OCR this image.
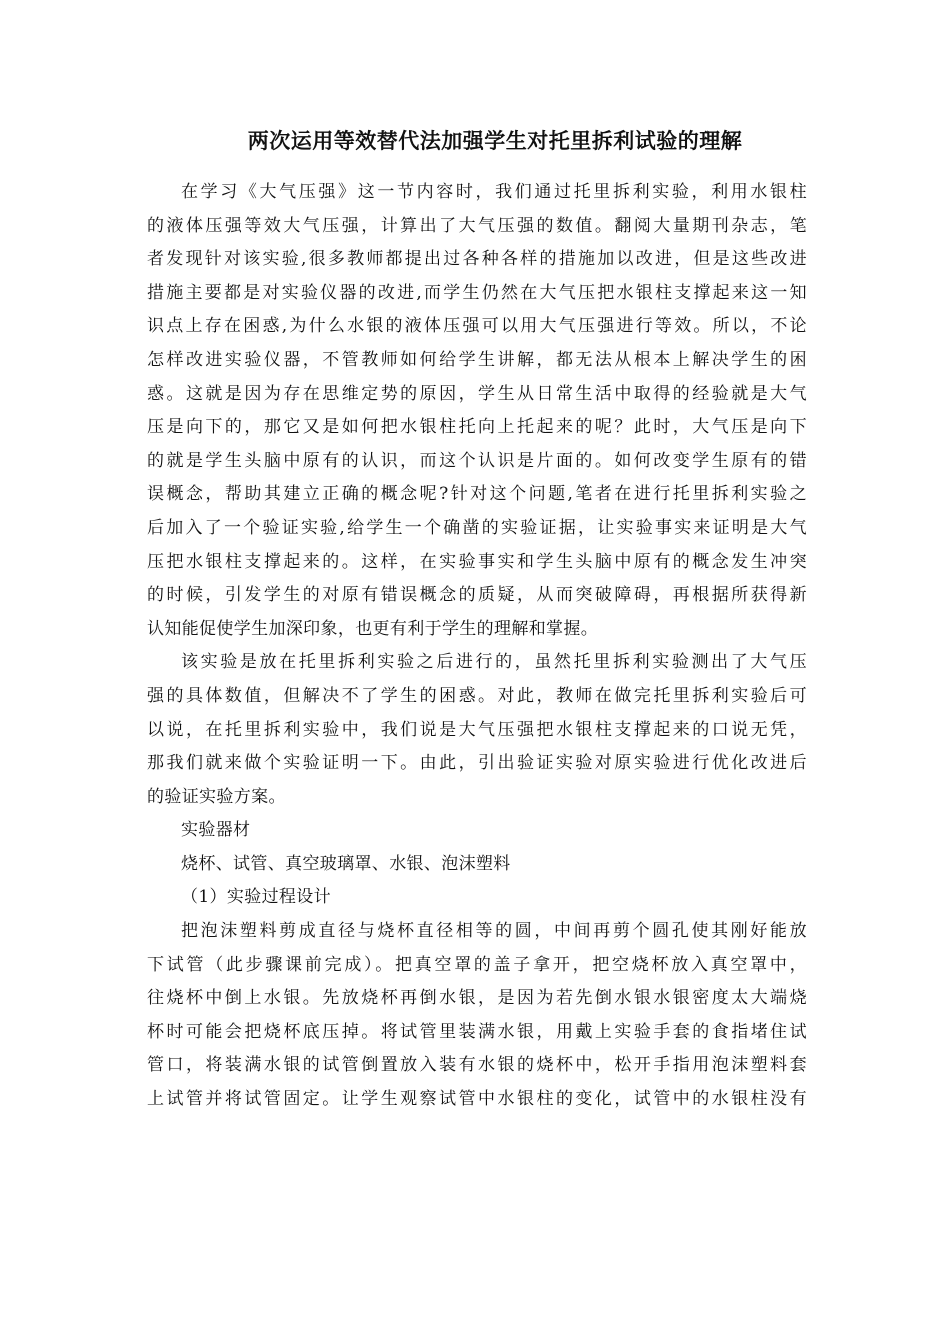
两次运用等效替代法加强学生对托里拆利试验的理解
在学习《大气压强》这一节内容时，我们通过托里拆利实验，利用水银柱
的液体压强等效大气压强，计算出了大气压强的数值。翻阅大量期刊杂志，笔
者发现针对该实验,很多教师都提出过各种各样的措施加以改进，但是这些改进
措施主要都是对实验仪器的改进,而学生仍然在大气压把水银柱支撑起来这一知
识点上存在困惑,为什么水银的液体压强可以用大气压强进行等效。所以，不论
怎样改进实验仪器，不管教师如何给学生讲解，都无法从根本上解决学生的困
惑。这就是因为存在思维定势的原因，学生从日常生活中取得的经验就是大气
压是向下的，那它又是如何把水银柱托向上托起来的呢？此时，大气压是向下
的就是学生头脑中原有的认识，而这个认识是片面的。如何改变学生原有的错
误概念，帮助其建立正确的概念呢?针对这个问题,笔者在进行托里拆利实验之
后加入了一个验证实验,给学生一个确凿的实验证据，让实验事实来证明是大气
压把水银柱支撑起来的。这样，在实验事实和学生头脑中原有的概念发生冲突
的时候，引发学生的对原有错误概念的质疑，从而突破障碍，再根据所获得新
认知能促使学生加深印象，也更有利于学生的理解和掌握。
该实验是放在托里拆利实验之后进行的，虽然托里拆利实验测出了大气压
强的具体数值，但解决不了学生的困惑。对此，教师在做完托里拆利实验后可
以说，在托里拆利实验中，我们说是大气压强把水银柱支撑起来的口说无凭，
那我们就来做个实验证明一下。由此，引出验证实验对原实验进行优化改进后
的验证实验方案。
实验器材
烧杯、试管、真空玻璃罩、水银、泡沫塑料
（1）实验过程设计
把泡沫塑料剪成直径与烧杯直径相等的圆，中间再剪个圆孔使其刚好能放
下试管（此步骤课前完成）。把真空罩的盖子拿开，把空烧杯放入真空罩中，
往烧杯中倒上水银。先放烧杯再倒水银，是因为若先倒水银水银密度太大端烧
杯时可能会把烧杯底压掉。将试管里装满水银，用戴上实验手套的食指堵住试
管口，将装满水银的试管倒置放入装有水银的烧杯中，松开手指用泡沫塑料套
上试管并将试管固定。让学生观察试管中水银柱的变化，试管中的水银柱没有
